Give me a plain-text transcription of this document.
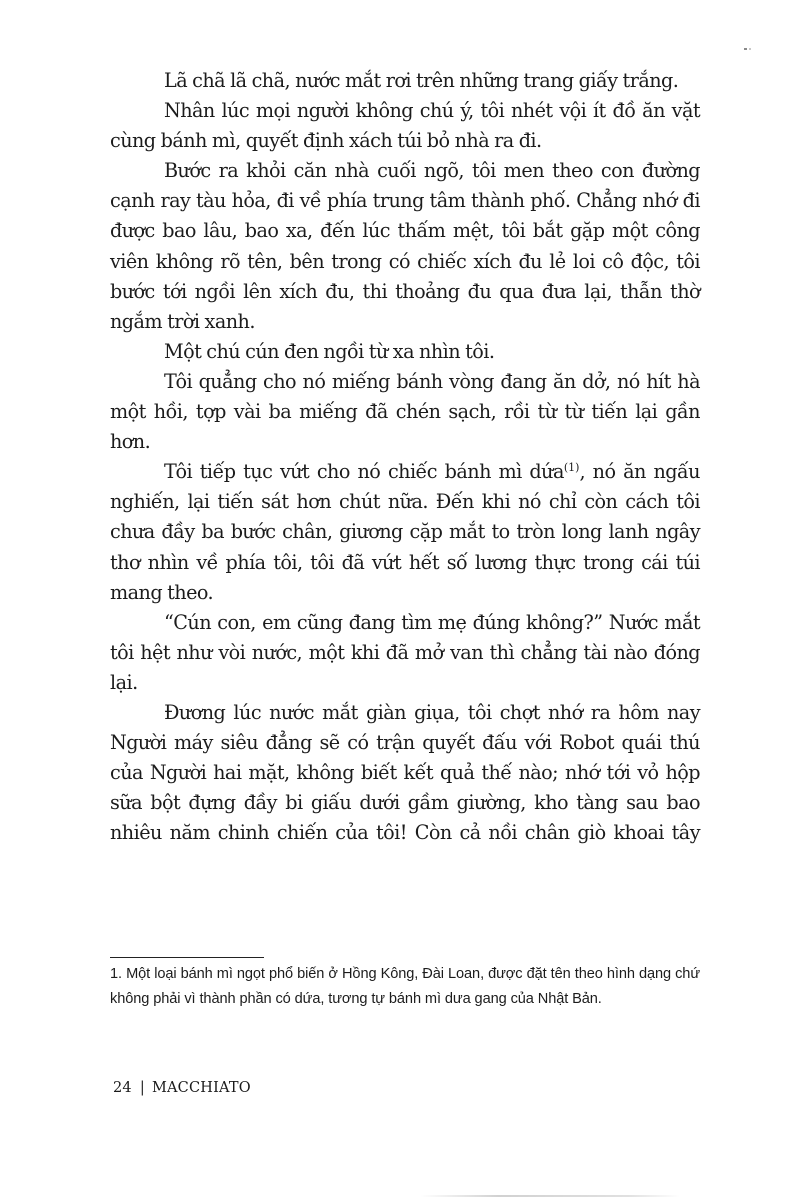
Lã chã lã chã, nước mắt rơi trên những trang giấy trắng.

Nhân lúc mọi người không chú ý, tôi nhét vội ít đồ ăn vặt cùng bánh mì, quyết định xách túi bỏ nhà ra đi.

Bước ra khỏi căn nhà cuối ngõ, tôi men theo con đường cạnh ray tàu hỏa, đi về phía trung tâm thành phố. Chẳng nhớ đi được bao lâu, bao xa, đến lúc thấm mệt, tôi bắt gặp một công viên không rõ tên, bên trong có chiếc xích đu lẻ loi cô độc, tôi bước tới ngồi lên xích đu, thi thoảng đu qua đưa lại, thẫn thờ ngắm trời xanh.

Một chú cún đen ngồi từ xa nhìn tôi.

Tôi quẳng cho nó miếng bánh vòng đang ăn dở, nó hít hà một hồi, tợp vài ba miếng đã chén sạch, rồi từ từ tiến lại gần hơn.

Tôi tiếp tục vứt cho nó chiếc bánh mì dứa$^{(1)}$, nó ăn ngấu nghiến, lại tiến sát hơn chút nữa. Đến khi nó chỉ còn cách tôi chưa đầy ba bước chân, giương cặp mắt to tròn long lanh ngây thơ nhìn về phía tôi, tôi đã vứt hết số lương thực trong cái túi mang theo.

“Cún con, em cũng đang tìm mẹ đúng không?” Nước mắt tôi hệt như vòi nước, một khi đã mở van thì chẳng tài nào đóng lại.

Đương lúc nước mắt giàn giụa, tôi chợt nhớ ra hôm nay Người máy siêu đẳng sẽ có trận quyết đấu với Robot quái thú của Người hai mặt, không biết kết quả thế nào; nhớ tới vỏ hộp sữa bột đựng đầy bi giấu dưới gầm giường, kho tàng sau bao nhiêu năm chinh chiến của tôi! Còn cả nồi chân giò khoai tây

1. Một loại bánh mì ngọt phổ biến ở Hồng Kông, Đài Loan, được đặt tên theo hình dạng chứ không phải vì thành phần có dứa, tương tự bánh mì dưa gang của Nhật Bản.

24 | MACCHIATO
